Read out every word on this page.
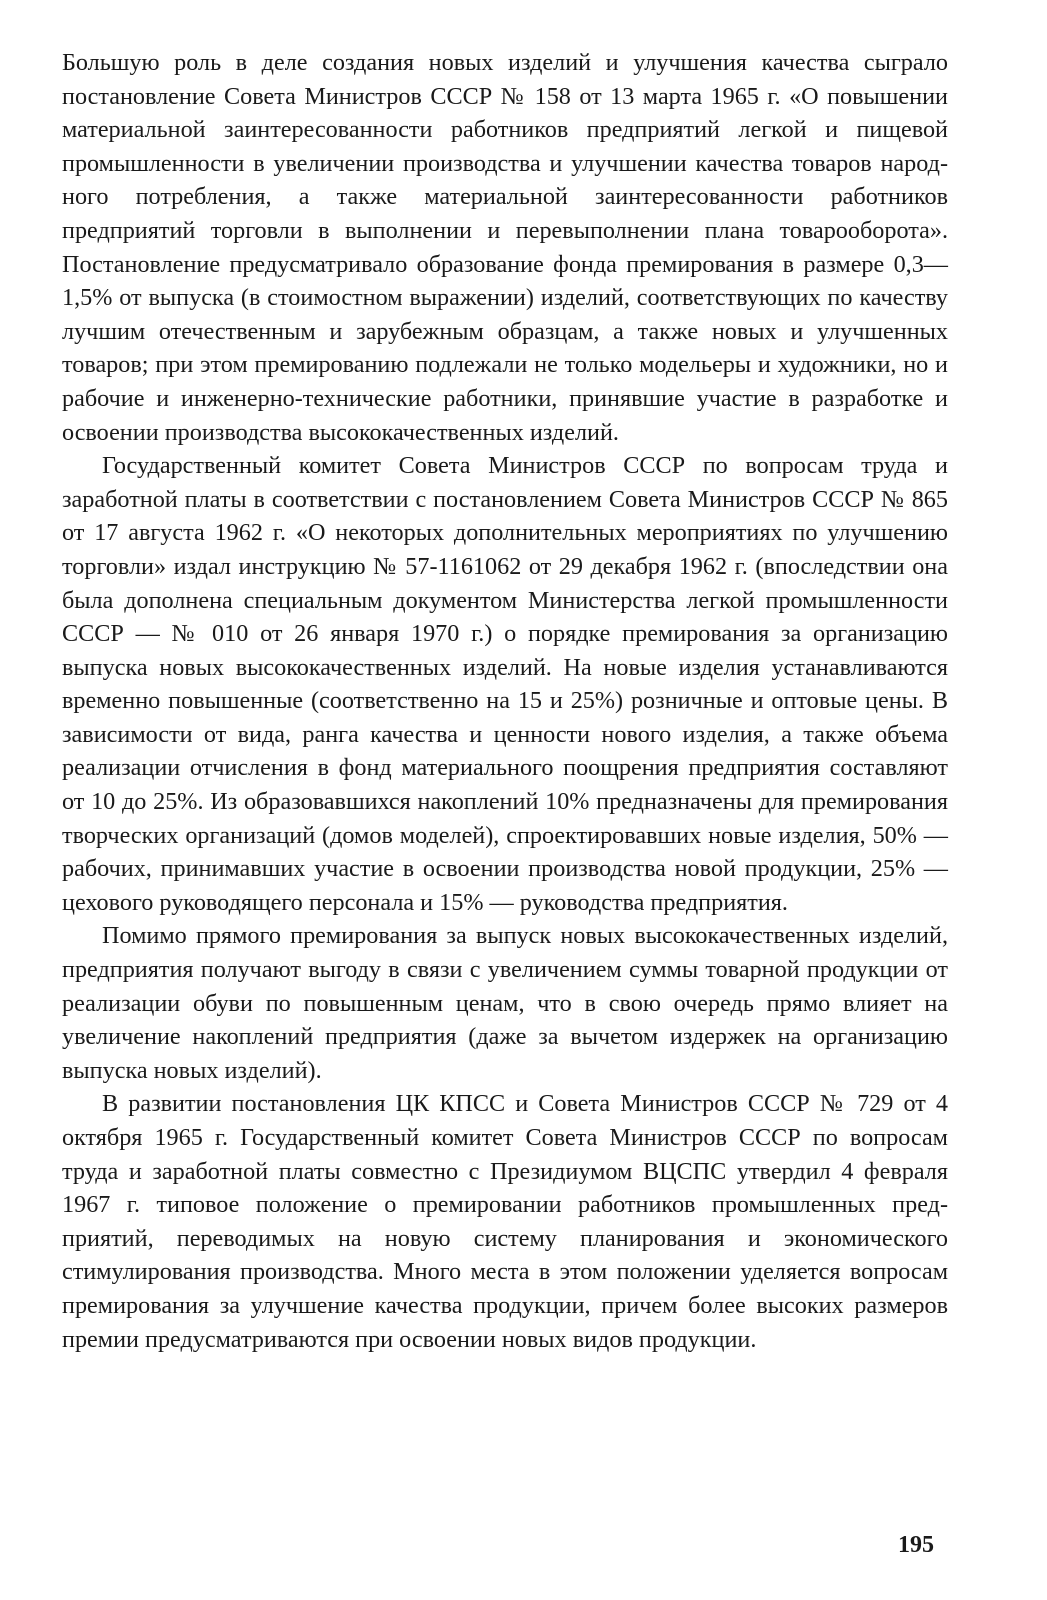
Большую роль в деле создания новых изделий и улучшения качества сыграло постановление Совета Министров СССР № 158 от 13 марта 1965 г. «О повышении материальной заинтересованности работников предприятий легкой и пищевой промышленности в увеличении производства и улучшении качества товаров народного потребления, а также материальной заинтересованности работников предприятий торговли в выполнении и перевыполнении плана товарооборота». Постановление предусматривало образование фонда премирования в размере 0,3—1,5% от выпуска (в стоимостном выражении) изделий, соответствующих по качеству лучшим отечественным и зарубежным образцам, а также новых и улучшенных товаров; при этом премированию подлежали не только модельеры и художники, но и рабочие и инженерно-технические работники, принявшие участие в разработке и освоении производства высококачественных изделий.

Государственный комитет Совета Министров СССР по вопросам труда и заработной платы в соответствии с постановлением Совета Министров СССР № 865 от 17 августа 1962 г. «О некоторых дополнительных мероприятиях по улучшению торговли» издал инструкцию № 57-1161062 от 29 декабря 1962 г. (впоследствии она была дополнена специальным документом Министерства легкой промышленности СССР — № 010 от 26 января 1970 г.) о порядке премирования за организацию выпуска новых высококачественных изделий. На новые изделия устанавливаются временно повышенные (соответственно на 15 и 25%) розничные и оптовые цены. В зависимости от вида, ранга качества и ценности нового изделия, а также объема реализации отчисления в фонд материального поощрения предприятия составляют от 10 до 25%. Из образовавшихся накоплений 10% предназначены для премирования творческих организаций (домов моделей), спроектировавших новые изделия, 50% — рабочих, принимавших участие в освоении производства новой продукции, 25% — цехового руководящего персонала и 15% — руководства предприятия.

Помимо прямого премирования за выпуск новых высококачественных изделий, предприятия получают выгоду в связи с увеличением суммы товарной продукции от реализации обуви по повышенным ценам, что в свою очередь прямо влияет на увеличение накоплений предприятия (даже за вычетом издержек на организацию выпуска новых изделий).

В развитии постановления ЦК КПСС и Совета Министров СССР № 729 от 4 октября 1965 г. Государственный комитет Совета Министров СССР по вопросам труда и заработной платы совместно с Президиумом ВЦСПС утвердил 4 февраля 1967 г. типовое положение о премировании работников промышленных предприятий, переводимых на новую систему планирования и экономического стимулирования производства. Много места в этом положении уделяется вопросам премирования за улучшение качества продукции, причем более высоких размеров премии предусматриваются при освоении новых видов продукции.

195
